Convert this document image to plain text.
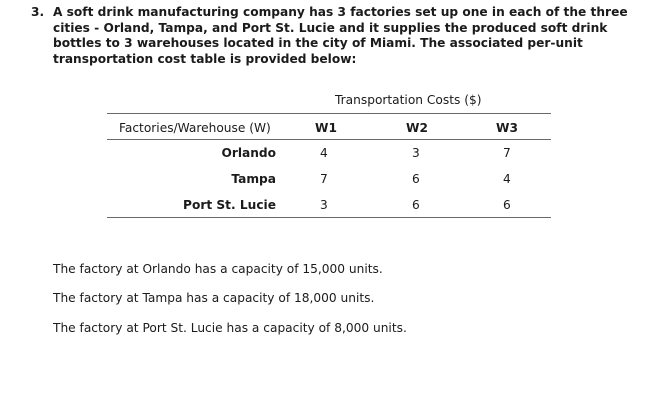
3. A soft drink manufacturing company has 3 factories set up one in each of the three cities - Orland, Tampa, and Port St. Lucie and it supplies the produced soft drink bottles to 3 warehouses located in the city of Miami. The associated per-unit transportation cost table is provided below:
Transportation Costs ($)
Factories/Warehouse (W)	W1	W2	W3
Orlando	4	3	7
Tampa	7	6	4
Port St. Lucie	3	6	6
The factory at Orlando has a capacity of 15,000 units.
The factory at Tampa has a capacity of 18,000 units.
The factory at Port St. Lucie has a capacity of 8,000 units.
